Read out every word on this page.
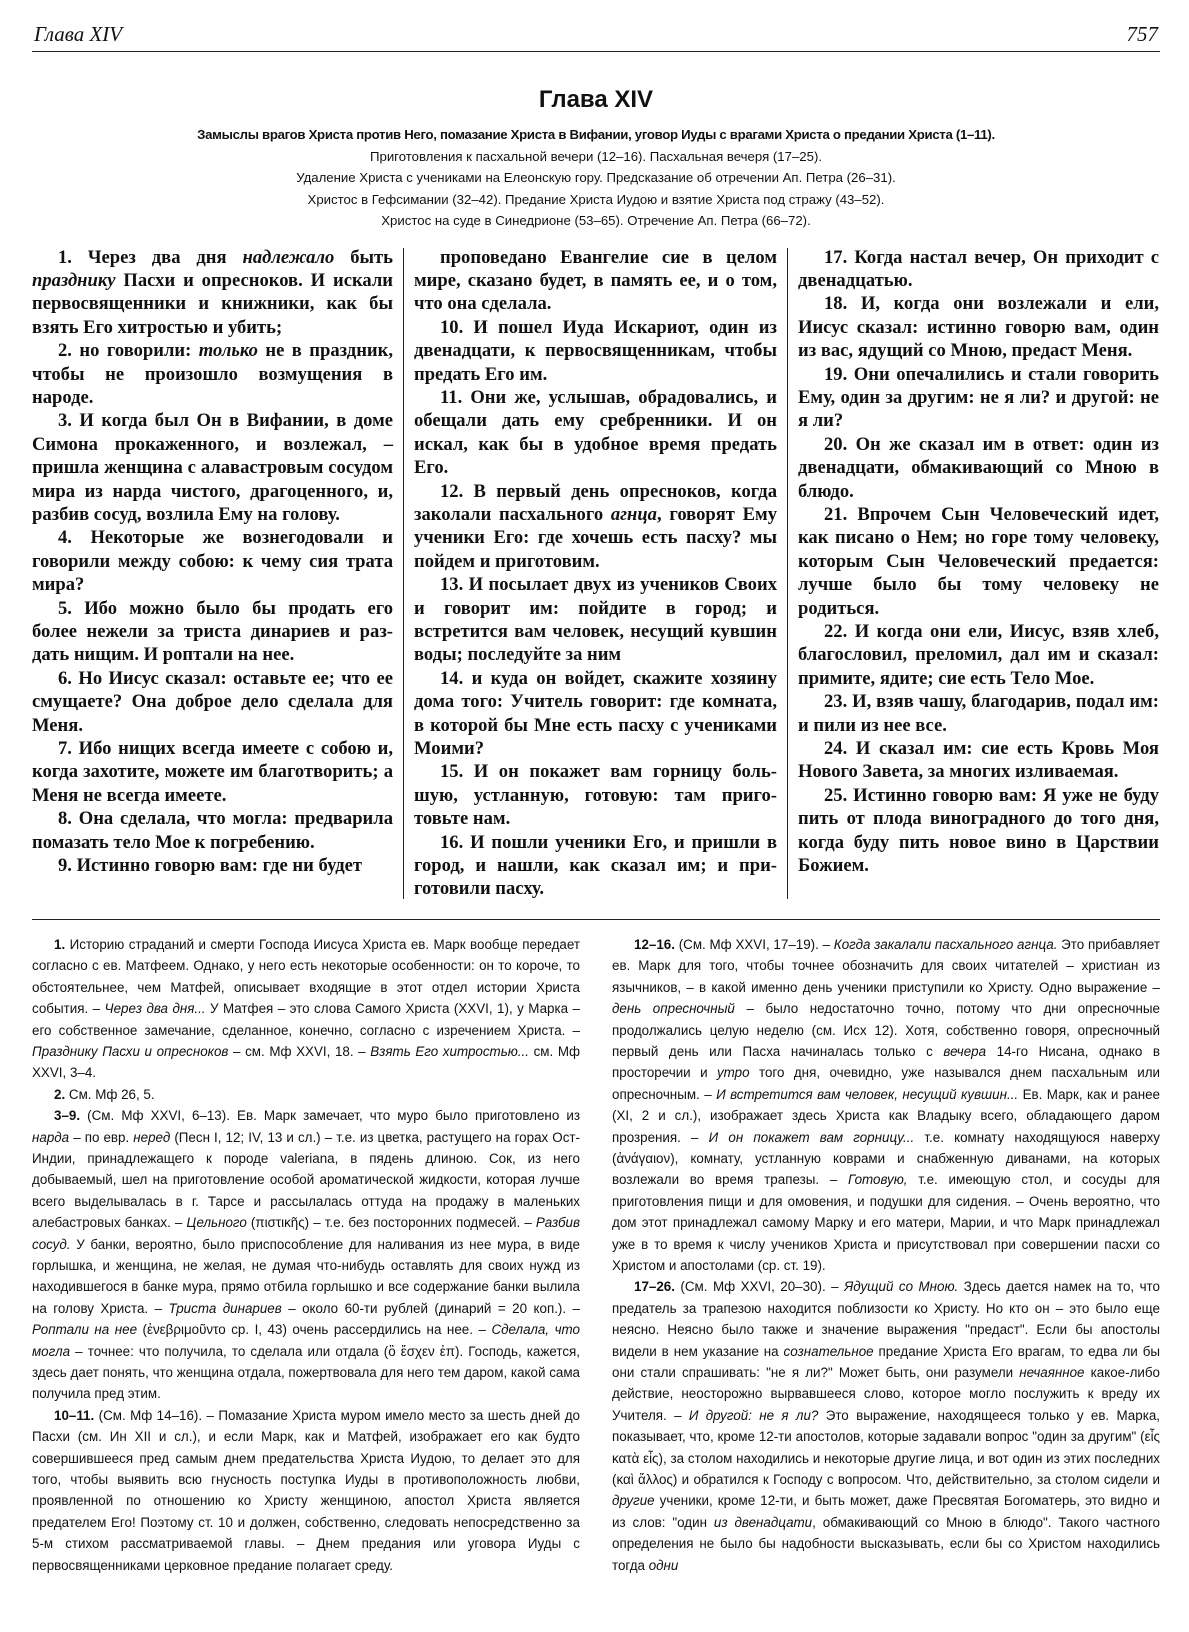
Глава XIV	757
Глава XIV
Замыслы врагов Христа против Него, помазание Христа в Вифании, уговор Иуды с врагами Христа о предании Христа (1–11).
Приготовления к пасхальной вечери (12–16). Пасхальная вечеря (17–25).
Удаление Христа с учениками на Елеонскую гору. Предсказание об отречении Ап. Петра (26–31).
Христос в Гефсимании (32–42). Предание Христа Иудою и взятие Христа под стражу (43–52).
Христос на суде в Синедрионе (53–65). Отречение Ап. Петра (66–72).

1. Через два дня надлежало быть празднику Пасхи и опресноков. И искали первосвященники и книжники, как бы взять Его хитростью и убить;

2. но говорили: только не в праздник, чтобы не произошло возмущения в народе.

3. И когда был Он в Вифании, в доме Симона прокаженного, и возлежал, – пришла женщина с алавастровым сосудом мира из нарда чистого, драгоценного, и, разбив сосуд, возлила Ему на голову.

4. Некоторые же вознегодовали и говорили между собою: к чему сия трата мира?

5. Ибо можно было бы продать его более нежели за триста динариев и раздать нищим. И роптали на нее.

6. Но Иисус сказал: оставьте ее; что ее смущаете? Она доброе дело сделала для Меня.

7. Ибо нищих всегда имеете с собою и, когда захотите, можете им благотворить; а Меня не всегда имеете.

8. Она сделала, что могла: предварила помазать тело Мое к погребению.

9. Истинно говорю вам: где ни будет

проповедано Евангелие сие в целом мире, сказано будет, в память ее, и о том, что она сделала.

10. И пошел Иуда Искариот, один из двенадцати, к первосвященникам, чтобы предать Его им.

11. Они же, услышав, обрадовались, и обещали дать ему сребренники. И он искал, как бы в удобное время предать Его.

12. В первый день опресноков, когда заколали пасхального агнца, говорят Ему ученики Его: где хочешь есть пасху? мы пойдем и приготовим.

13. И посылает двух из учеников Своих и говорит им: пойдите в город; и встретится вам человек, несущий кувшин воды; последуйте за ним

14. и куда он войдет, скажите хозяину дома того: Учитель говорит: где комната, в которой бы Мне есть пасху с учениками Моими?

15. И он покажет вам горницу большую, устланную, готовую: там приготовьте нам.

16. И пошли ученики Его, и пришли в город, и нашли, как сказал им; и приготовили пасху.

17. Когда настал вечер, Он приходит с двенадцатью.

18. И, когда они возлежали и ели, Иисус сказал: истинно говорю вам, один из вас, ядущий со Мною, предаст Меня.

19. Они опечалились и стали говорить Ему, один за другим: не я ли? и другой: не я ли?

20. Он же сказал им в ответ: один из двенадцати, обмакивающий со Мною в блюдо.

21. Впрочем Сын Человеческий идет, как писано о Нем; но горе тому человеку, которым Сын Человеческий предается: лучше было бы тому человеку не родиться.

22. И когда они ели, Иисус, взяв хлеб, благословил, преломил, дал им и сказал: примите, ядите; сие есть Тело Мое.

23. И, взяв чашу, благодарив, подал им: и пили из нее все.

24. И сказал им: сие есть Кровь Моя Нового Завета, за многих изливаемая.

25. Истинно говорю вам: Я уже не буду пить от плода виноградного до того дня, когда буду пить новое вино в Царствии Божием.

1. Историю страданий и смерти Господа Иисуса Христа ев. Марк вообще передает согласно с ев. Матфеем. Однако, у него есть некоторые особенности: он то короче, то обстоятельнее, чем Матфей, описывает входящие в этот отдел истории Христа события. – Через два дня... У Матфея – это слова Самого Христа (XXVI, 1), у Марка – его собственное замечание, сделанное, конечно, согласно с изречением Христа. – Празднику Пасхи и опресноков – см. Мф XXVI, 18. – Взять Его хитростью... см. Мф XXVI, 3–4.

2. См. Мф 26, 5.

3–9. (См. Мф XXVI, 6–13). Ев. Марк замечает, что муро было приготовлено из нарда – по евр. неред (Песн I, 12; IV, 13 и сл.) – т.е. из цветка, растущего на горах Ост-Индии, принадлежащего к породе valeriana, в пядень длиною. Сок, из него добываемый, шел на приготовление особой ароматической жидкости, которая лучше всего выделывалась в г. Тарсе и рассылалась оттуда на продажу в маленьких алебастровых банках. – Цельного (πιστικῆς) – т.е. без посторонних подмесей. – Разбив сосуд. У банки, вероятно, было приспособление для наливания из нее мура, в виде горлышка, и женщина, не желая, не думая что-нибудь оставлять для своих нужд из находившегося в банке мура, прямо отбила горлышко и все содержание банки вылила на голову Христа. – Триста динариев – около 60-ти рублей (динарий = 20 коп.). – Роптали на нее (ἐνεβριμοῦντο ср. I, 43) очень рассердились на нее. – Сделала, что могла – точнее: что получила, то сделала или отдала (ὃ ἔσχεν ἐπ). Господь, кажется, здесь дает понять, что женщина отдала, пожертвовала для него тем даром, какой сама получила пред этим.

10–11. (См. Мф 14–16). – Помазание Христа муром имело место за шесть дней до Пасхи (см. Ин XII и сл.), и если Марк, как и Матфей, изображает его как будто совершившееся пред самым днем предательства Христа Иудою, то делает это для того, чтобы выявить всю гнусность поступка Иуды в противоположность любви, проявленной по отношению ко Христу женщиною, апостол Христа является предателем Его! Поэтому ст. 10 и должен, собственно, следовать непосредственно за 5-м стихом рассматриваемой главы. – Днем предания или уговора Иуды с первосвященниками церковное предание полагает среду.

12–16. (См. Мф XXVI, 17–19). – Когда закалали пасхального агнца. Это прибавляет ев. Марк для того, чтобы точнее обозначить для своих читателей – христиан из язычников, – в какой именно день ученики приступили ко Христу. Одно выражение – день опресночный – было недостаточно точно, потому что дни опресночные продолжались целую неделю (см. Исх 12). Хотя, собственно говоря, опресночный первый день или Пасха начиналась только с вечера 14-го Нисана, однако в просторечии и утро того дня, очевидно, уже назывался днем пасхальным или опресночным. – И встретится вам человек, несущий кувшин... Ев. Марк, как и ранее (XI, 2 и сл.), изображает здесь Христа как Владыку всего, обладающего даром прозрения. – И он покажет вам горницу... т.е. комнату находящуюся наверху (ἀνάγαιον), комнату, устланную коврами и снабженную диванами, на которых возлежали во время трапезы. – Готовую, т.е. имеющую стол, и сосуды для приготовления пищи и для омовения, и подушки для сидения. – Очень вероятно, что дом этот принадлежал самому Марку и его матери, Марии, и что Марк принадлежал уже в то время к числу учеников Христа и присутствовал при совершении пасхи со Христом и апостолами (ср. ст. 19).

17–26. (См. Мф XXVI, 20–30). – Ядущий со Мною. Здесь дается намек на то, что предатель за трапезою находится поблизости ко Христу. Но кто он – это было еще неясно. Неясно было также и значение выражения "предаст". Если бы апостолы видели в нем указание на сознательное предание Христа Его врагам, то едва ли бы они стали спрашивать: "не я ли?" Может быть, они разумели нечаянное какое-либо действие, неосторожно вырвавшееся слово, которое могло послужить к вреду их Учителя. – И другой: не я ли? Это выражение, находящееся только у ев. Марка, показывает, что, кроме 12-ти апостолов, которые задавали вопрос "один за другим" (εἷς κατὰ εἷς), за столом находились и некоторые другие лица, и вот один из этих последних (καὶ ἄλλος) и обратился к Господу с вопросом. Что, действительно, за столом сидели и другие ученики, кроме 12-ти, и быть может, даже Пресвятая Богоматерь, это видно и из слов: "один из двенадцати, обмакивающий со Мною в блюдо". Такого частного определения не было бы надобности высказывать, если бы со Христом находились тогда одни
